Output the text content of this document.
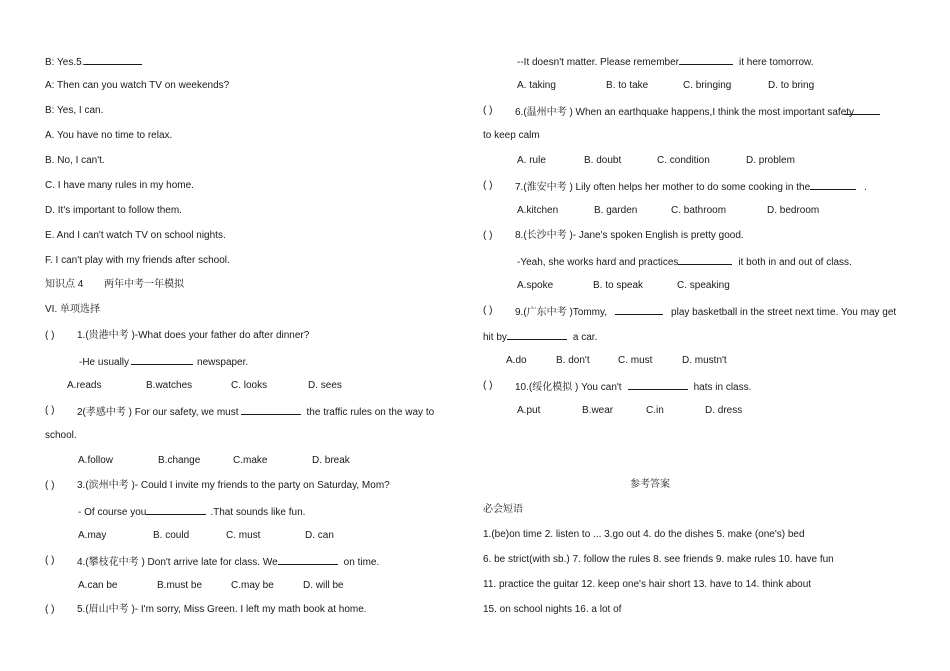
B: Yes.5.
A: Then can you watch TV on weekends?
B: Yes, I can.
A. You have no time to relax.
B. No, I can't.
C. I have many rules in my home.
D. It's important to follow them.
E. And I can't watch TV on school nights.
F. I can't play with my friends after school.
知识点 4 两年中考一年模拟
VI. 单项选择
( ) 1.(贵港中考 )-What does your father do after dinner?
-He usually	newspaper.
A.reads	B.watches	C. looks	D. sees
( ) 2(孝感中考 ) For our safety, we must	the traffic rules on the way to
school.
A.follow	B.change	C.make	D. break
( ) 3.(滨州中考 )- Could I invite my friends to the party on Saturday, Mom?
- Of course you	.That sounds like fun.
A.may	B. could	C. must	D. can
( ) 4.(攀枝花中考 ) Don't arrive late for class. We	on time.
A.can be	B.must be	C.may be	D. will be
( ) 5.(眉山中考 )- I'm sorry, Miss Green. I left my math book at home.
--It doesn't matter. Please remember	it here tomorrow.
A. taking	B. to take	C. bringing	D. to bring
( ) 6.(温州中考 ) When an earthquake happens,I think the most important safety
to keep calm
A. rule	B. doubt	C. condition	D. problem
( ) 7.(淮安中考 ) Lily often helps her mother to do some cooking in the	.
A.kitchen	B. garden	C. bathroom	D. bedroom
( ) 8.(长沙中考 )- Jane's spoken English is pretty good.
-Yeah, she works hard and practices	it both in and out of class.
A.spoke	B. to speak	C. speaking
( ) 9.(广东中考 )Tommy,	play basketball in the street next time. You may get
hit by	a car.
A.do	B. don't	C. must	D. mustn't
( ) 10.(绥化模拟 ) You can't	hats in class.
A.put	B.wear	C.in	D. dress
参考答案
必会短语
1.(be)on time 2. listen to ... 3.go out 4. do the dishes 5. make (one's) bed
6. be strict(with sb.) 7. follow the rules 8. see friends 9. make rules 10. have fun
11. practice the guitar 12. keep one's hair short 13. have to 14. think about
15. on school nights 16. a lot of
